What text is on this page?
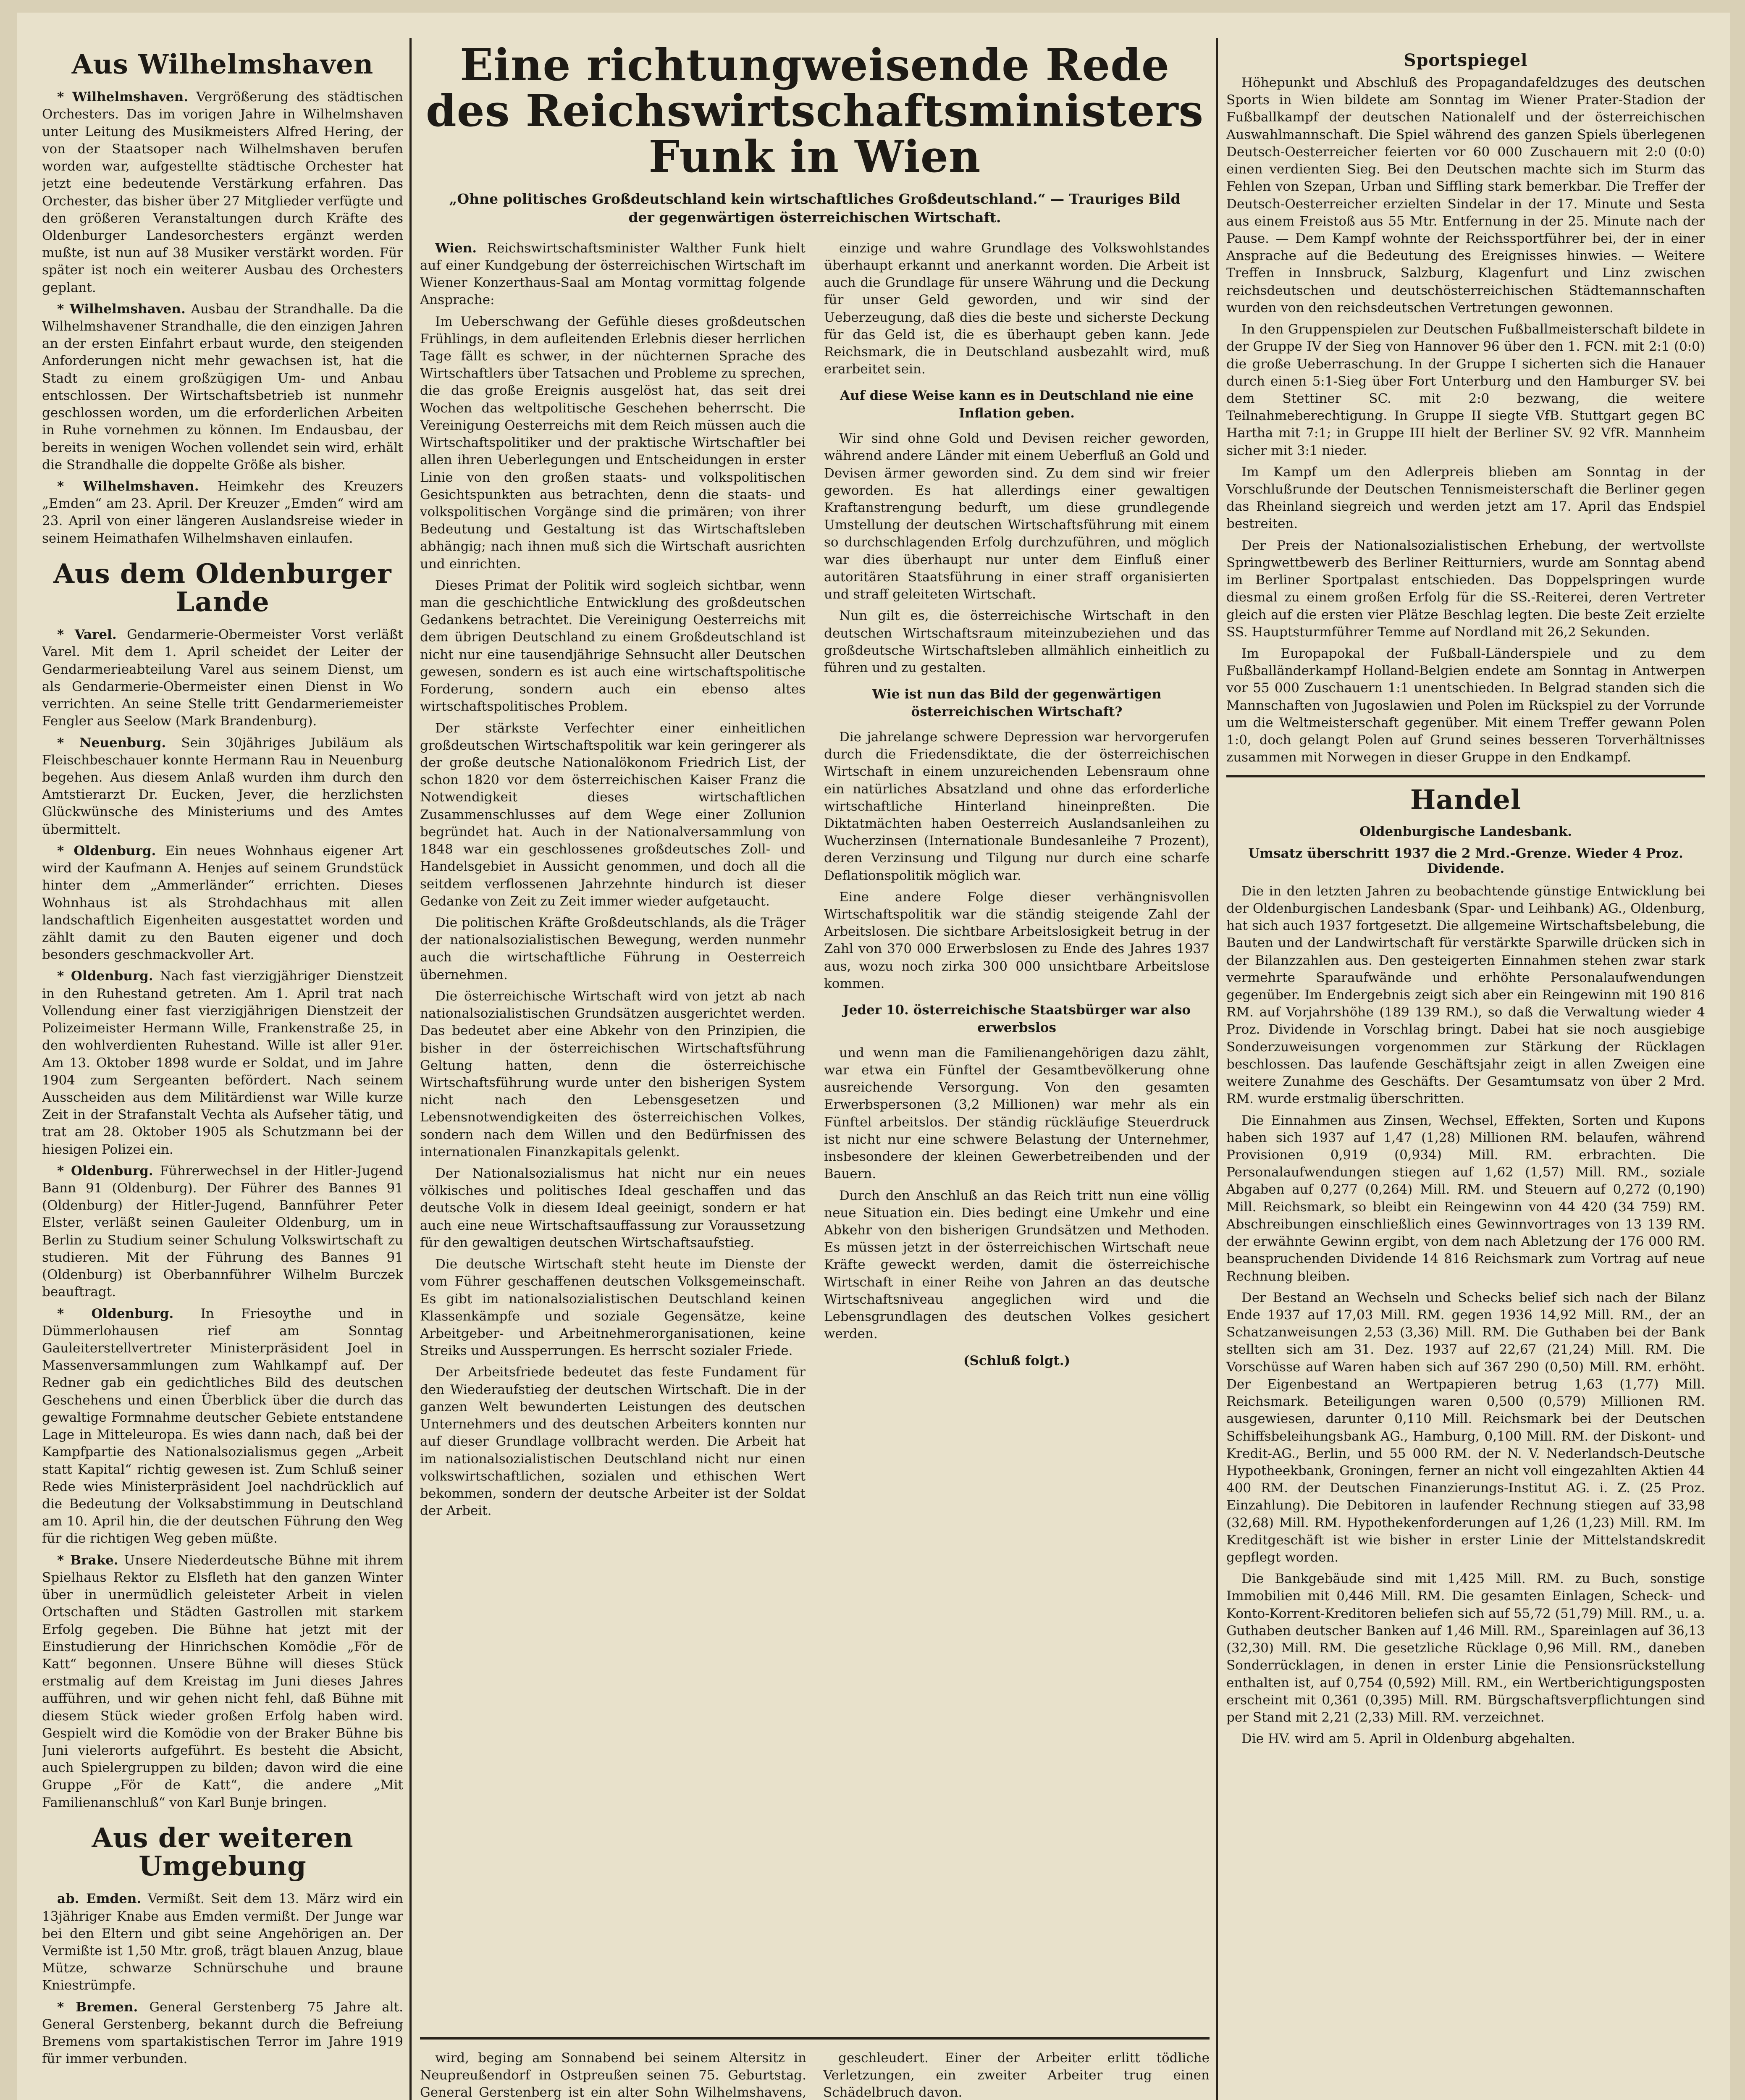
Aus Wilhelmshaven

* Wilhelmshaven. Vergrößerung des städtischen Orchesters. Das im vorigen Jahre in Wilhelmshaven unter Leitung des Musikmeisters Alfred Hering, der von der Staatsoper nach Wilhelmshaven berufen worden war, aufgestellte städtische Orchester hat jetzt eine bedeutende Verstärkung erfahren. Das Orchester, das bisher über 27 Mitglieder verfügte und den größeren Veranstaltungen durch Kräfte des Oldenburger Landesorchesters ergänzt werden mußte, ist nun auf 38 Musiker verstärkt worden. Für später ist noch ein weiterer Ausbau des Orchesters geplant.

* Wilhelmshaven. Ausbau der Strandhalle. Da die Wilhelmshavener Strandhalle, die den einzigen Jahren an der ersten Einfahrt erbaut wurde, den steigenden Anforderungen nicht mehr gewachsen ist, hat die Stadt zu einem großzügigen Um- und Anbau entschlossen. Der Wirtschaftsbetrieb ist nunmehr geschlossen worden, um die erforderlichen Arbeiten in Ruhe vornehmen zu können. Im Endausbau, der bereits in wenigen Wochen vollendet sein wird, erhält die Strandhalle die doppelte Größe als bisher.

* Wilhelmshaven. Heimkehr des Kreuzers „Emden“ am 23. April. Der Kreuzer „Emden“ wird am 23. April von einer längeren Auslandsreise wieder in seinem Heimathafen Wilhelmshaven einlaufen.

Aus dem Oldenburger Lande

* Varel. Gendarmerie-Obermeister Vorst verläßt Varel. Mit dem 1. April scheidet der Leiter der Gendarmerieabteilung Varel aus seinem Dienst, um als Gendarmerie-Obermeister einen Dienst in Wo verrichten. An seine Stelle tritt Gendarmeriemeister Fengler aus Seelow (Mark Brandenburg).

* Neuenburg. Sein 30jähriges Jubiläum als Fleischbeschauer konnte Hermann Rau in Neuenburg begehen. Aus diesem Anlaß wurden ihm durch den Amtstierarzt Dr. Eucken, Jever, die herzlichsten Glückwünsche des Ministeriums und des Amtes übermittelt.

* Oldenburg. Ein neues Wohnhaus eigener Art wird der Kaufmann A. Henjes auf seinem Grundstück hinter dem „Ammerländer“ errichten. Dieses Wohnhaus ist als Strohdachhaus mit allen landschaftlich Eigenheiten ausgestattet worden und zählt damit zu den Bauten eigener und doch besonders geschmackvoller Art.

* Oldenburg. Nach fast vierzigjähriger Dienstzeit in den Ruhestand getreten. Am 1. April trat nach Vollendung einer fast vierzigjährigen Dienstzeit der Polizeimeister Hermann Wille, Frankenstraße 25, in den wohlverdienten Ruhestand. Wille ist aller 91er. Am 13. Oktober 1898 wurde er Soldat, und im Jahre 1904 zum Sergeanten befördert. Nach seinem Ausscheiden aus dem Militärdienst war Wille kurze Zeit in der Strafanstalt Vechta als Aufseher tätig, und trat am 28. Oktober 1905 als Schutzmann bei der hiesigen Polizei ein.

* Oldenburg. Führerwechsel in der Hitler-Jugend Bann 91 (Oldenburg). Der Führer des Bannes 91 (Oldenburg) der Hitler-Jugend, Bannführer Peter Elster, verläßt seinen Gauleiter Oldenburg, um in Berlin zu Studium seiner Schulung Volkswirtschaft zu studieren. Mit der Führung des Bannes 91 (Oldenburg) ist Oberbannführer Wilhelm Burczek beauftragt.

* Oldenburg. In Friesoythe und in Dümmerlohausen rief am Sonntag Gauleiterstellvertreter Ministerpräsident Joel in Massenversammlungen zum Wahlkampf auf. Der Redner gab ein gedichtliches Bild des deutschen Geschehens und einen Überblick über die durch das gewaltige Formnahme deutscher Gebiete entstandene Lage in Mitteleuropa. Es wies dann nach, daß bei der Kampfpartie des Nationalsozialismus gegen „Arbeit statt Kapital“ richtig gewesen ist. Zum Schluß seiner Rede wies Ministerpräsident Joel nachdrücklich auf die Bedeutung der Volksabstimmung in Deutschland am 10. April hin, die der deutschen Führung den Weg für die richtigen Weg geben müßte.

* Brake. Unsere Niederdeutsche Bühne mit ihrem Spielhaus Rektor zu Elsfleth hat den ganzen Winter über in unermüdlich geleisteter Arbeit in vielen Ortschaften und Städten Gastrollen mit starkem Erfolg gegeben. Die Bühne hat jetzt mit der Einstudierung der Hinrichschen Komödie „För de Katt“ begonnen. Unsere Bühne will dieses Stück erstmalig auf dem Kreistag im Juni dieses Jahres aufführen, und wir gehen nicht fehl, daß Bühne mit diesem Stück wieder großen Erfolg haben wird. Gespielt wird die Komödie von der Braker Bühne bis Juni vielerorts aufgeführt. Es besteht die Absicht, auch Spielergruppen zu bilden; davon wird die eine Gruppe „För de Katt“, die andere „Mit Familienanschluß“ von Karl Bunje bringen.

Aus der weiteren Umgebung

ab. Emden. Vermißt. Seit dem 13. März wird ein 13jähriger Knabe aus Emden vermißt. Der Junge war bei den Eltern und gibt seine Angehörigen an. Der Vermißte ist 1,50 Mtr. groß, trägt blauen Anzug, blaue Mütze, schwarze Schnürschuhe und braune Kniestrümpfe.

* Bremen. General Gerstenberg 75 Jahre alt. General Gerstenberg, bekannt durch die Befreiung Bremens vom spartakistischen Terror im Jahre 1919 für immer verbunden.

Eine richtungweisende Rede des Reichswirtschaftsministers Funk in Wien
„Ohne politisches Großdeutschland kein wirtschaftliches Großdeutschland.“ — Trauriges Bild der gegenwärtigen österreichischen Wirtschaft.

Wien. Reichswirtschaftsminister Walther Funk hielt auf einer Kundgebung der österreichischen Wirtschaft im Wiener Konzerthaus-Saal am Montag vormittag folgende Ansprache:

Im Ueberschwang der Gefühle dieses großdeutschen Frühlings, in dem aufleitenden Erlebnis dieser herrlichen Tage fällt es schwer, in der nüchternen Sprache des Wirtschaftlers über Tatsachen und Probleme zu sprechen, die das große Ereignis ausgelöst hat, das seit drei Wochen das weltpolitische Geschehen beherrscht. Die Vereinigung Oesterreichs mit dem Reich müssen auch die Wirtschaftspolitiker und der praktische Wirtschaftler bei allen ihren Ueberlegungen und Entscheidungen in erster Linie von den großen staats- und volkspolitischen Gesichtspunkten aus betrachten, denn die staats- und volkspolitischen Vorgänge sind die primären; von ihrer Bedeutung und Gestaltung ist das Wirtschaftsleben abhängig; nach ihnen muß sich die Wirtschaft ausrichten und einrichten.

Dieses Primat der Politik wird sogleich sichtbar, wenn man die geschichtliche Entwicklung des großdeutschen Gedankens betrachtet. Die Vereinigung Oesterreichs mit dem übrigen Deutschland zu einem Großdeutschland ist nicht nur eine tausendjährige Sehnsucht aller Deutschen gewesen, sondern es ist auch eine wirtschaftspolitische Forderung, sondern auch ein ebenso altes wirtschaftspolitisches Problem.

Der stärkste Verfechter einer einheitlichen großdeutschen Wirtschaftspolitik war kein geringerer als der große deutsche Nationalökonom Friedrich List, der schon 1820 vor dem österreichischen Kaiser Franz die Notwendigkeit dieses wirtschaftlichen Zusammenschlusses auf dem Wege einer Zollunion begründet hat. Auch in der Nationalversammlung von 1848 war ein geschlossenes großdeutsches Zoll- und Handelsgebiet in Aussicht genommen, und doch all die seitdem verflossenen Jahrzehnte hindurch ist dieser Gedanke von Zeit zu Zeit immer wieder aufgetaucht.

Die politischen Kräfte Großdeutschlands, als die Träger der nationalsozialistischen Bewegung, werden nunmehr auch die wirtschaftliche Führung in Oesterreich übernehmen.

Die österreichische Wirtschaft wird von jetzt ab nach nationalsozialistischen Grundsätzen ausgerichtet werden. Das bedeutet aber eine Abkehr von den Prinzipien, die bisher in der österreichischen Wirtschaftsführung Geltung hatten, denn die österreichische Wirtschaftsführung wurde unter den bisherigen System nicht nach den Lebensgesetzen und Lebensnotwendigkeiten des österreichischen Volkes, sondern nach dem Willen und den Bedürfnissen des internationalen Finanzkapitals gelenkt.

Der Nationalsozialismus hat nicht nur ein neues völkisches und politisches Ideal geschaffen und das deutsche Volk in diesem Ideal geeinigt, sondern er hat auch eine neue Wirtschaftsauffassung zur Voraussetzung für den gewaltigen deutschen Wirtschaftsaufstieg.

Die deutsche Wirtschaft steht heute im Dienste der vom Führer geschaffenen deutschen Volksgemeinschaft. Es gibt im nationalsozialistischen Deutschland keinen Klassenkämpfe und soziale Gegensätze, keine Arbeitgeber- und Arbeitnehmerorganisationen, keine Streiks und Aussperrungen. Es herrscht sozialer Friede.

Der Arbeitsfriede bedeutet das feste Fundament für den Wiederaufstieg der deutschen Wirtschaft. Die in der ganzen Welt bewunderten Leistungen des deutschen Unternehmers und des deutschen Arbeiters konnten nur auf dieser Grundlage vollbracht werden. Die Arbeit hat im nationalsozialistischen Deutschland nicht nur einen volkswirtschaftlichen, sozialen und ethischen Wert bekommen, sondern der deutsche Arbeiter ist der Soldat der Arbeit.

einzige und wahre Grundlage des Volkswohlstandes überhaupt erkannt und anerkannt worden. Die Arbeit ist auch die Grundlage für unsere Währung und die Deckung für unser Geld geworden, und wir sind der Ueberzeugung, daß dies die beste und sicherste Deckung für das Geld ist, die es überhaupt geben kann. Jede Reichsmark, die in Deutschland ausbezahlt wird, muß erarbeitet sein.

Auf diese Weise kann es in Deutschland nie eine Inflation geben.

Wir sind ohne Gold und Devisen reicher geworden, während andere Länder mit einem Ueberfluß an Gold und Devisen ärmer geworden sind. Zu dem sind wir freier geworden. Es hat allerdings einer gewaltigen Kraftanstrengung bedurft, um diese grundlegende Umstellung der deutschen Wirtschaftsführung mit einem so durchschlagenden Erfolg durchzuführen, und möglich war dies überhaupt nur unter dem Einfluß einer autoritären Staatsführung in einer straff organisierten und straff geleiteten Wirtschaft.

Nun gilt es, die österreichische Wirtschaft in den deutschen Wirtschaftsraum miteinzubeziehen und das großdeutsche Wirtschaftsleben allmählich einheitlich zu führen und zu gestalten.

Wie ist nun das Bild der gegenwärtigen österreichischen Wirtschaft?

Die jahrelange schwere Depression war hervorgerufen durch die Friedensdiktate, die der österreichischen Wirtschaft in einem unzureichenden Lebensraum ohne ein natürliches Absatzland und ohne das erforderliche wirtschaftliche Hinterland hineinpreßten. Die Diktatmächten haben Oesterreich Auslandsanleihen zu Wucherzinsen (Internationale Bundesanleihe 7 Prozent), deren Verzinsung und Tilgung nur durch eine scharfe Deflationspolitik möglich war.

Eine andere Folge dieser verhängnisvollen Wirtschaftspolitik war die ständig steigende Zahl der Arbeitslosen. Die sichtbare Arbeitslosigkeit betrug in der Zahl von 370 000 Erwerbslosen zu Ende des Jahres 1937 aus, wozu noch zirka 300 000 unsichtbare Arbeitslose kommen.

Jeder 10. österreichische Staatsbürger war also erwerbslos

und wenn man die Familienangehörigen dazu zählt, war etwa ein Fünftel der Gesamtbevölkerung ohne ausreichende Versorgung. Von den gesamten Erwerbspersonen (3,2 Millionen) war mehr als ein Fünftel arbeitslos. Der ständig rückläufige Steuerdruck ist nicht nur eine schwere Belastung der Unternehmer, insbesondere der kleinen Gewerbetreibenden und der Bauern.

Durch den Anschluß an das Reich tritt nun eine völlig neue Situation ein. Dies bedingt eine Umkehr und eine Abkehr von den bisherigen Grundsätzen und Methoden. Es müssen jetzt in der österreichischen Wirtschaft neue Kräfte geweckt werden, damit die österreichische Wirtschaft in einer Reihe von Jahren an das deutsche Wirtschaftsniveau angeglichen wird und die Lebensgrundlagen des deutschen Volkes gesichert werden.

(Schluß folgt.)

wird, beging am Sonnabend bei seinem Altersitz in Neupreußendorf in Ostpreußen seinen 75. Geburtstag. General Gerstenberg ist ein alter Sohn Wilhelmshavens,

geschleudert. Einer der Arbeiter erlitt tödliche Verletzungen, ein zweiter Arbeiter trug einen Schädelbruch davon.

Sportspiegel

Höhepunkt und Abschluß des Propagandafeldzuges des deutschen Sports in Wien bildete am Sonntag im Wiener Prater-Stadion der Fußballkampf der deutschen Nationalelf und der österreichischen Auswahlmannschaft. Die Spiel während des ganzen Spiels überlegenen Deutsch-Oesterreicher feierten vor 60 000 Zuschauern mit 2:0 (0:0) einen verdienten Sieg. Bei den Deutschen machte sich im Sturm das Fehlen von Szepan, Urban und Siffling stark bemerkbar. Die Treffer der Deutsch-Oesterreicher erzielten Sindelar in der 17. Minute und Sesta aus einem Freistoß aus 55 Mtr. Entfernung in der 25. Minute nach der Pause. — Dem Kampf wohnte der Reichssportführer bei, der in einer Ansprache auf die Bedeutung des Ereignisses hinwies. — Weitere Treffen in Innsbruck, Salzburg, Klagenfurt und Linz zwischen reichsdeutschen und deutschösterreichischen Städtemannschaften wurden von den reichsdeutschen Vertretungen gewonnen.

In den Gruppenspielen zur Deutschen Fußballmeisterschaft bildete in der Gruppe IV der Sieg von Hannover 96 über den 1. FCN. mit 2:1 (0:0) die große Ueberraschung. In der Gruppe I sicherten sich die Hanauer durch einen 5:1-Sieg über Fort Unterburg und den Hamburger SV. bei dem Stettiner SC. mit 2:0 bezwang, die weitere Teilnahmeberechtigung. In Gruppe II siegte VfB. Stuttgart gegen BC Hartha mit 7:1; in Gruppe III hielt der Berliner SV. 92 VfR. Mannheim sicher mit 3:1 nieder.

Im Kampf um den Adlerpreis blieben am Sonntag in der Vorschlußrunde der Deutschen Tennismeisterschaft die Berliner gegen das Rheinland siegreich und werden jetzt am 17. April das Endspiel bestreiten.

Der Preis der Nationalsozialistischen Erhebung, der wertvollste Springwettbewerb des Berliner Reitturniers, wurde am Sonntag abend im Berliner Sportpalast entschieden. Das Doppelspringen wurde diesmal zu einem großen Erfolg für die SS.-Reiterei, deren Vertreter gleich auf die ersten vier Plätze Beschlag legten. Die beste Zeit erzielte SS. Hauptsturmführer Temme auf Nordland mit 26,2 Sekunden.

Im Europapokal der Fußball-Länderspiele und zu dem Fußballänderkampf Holland-Belgien endete am Sonntag in Antwerpen vor 55 000 Zuschauern 1:1 unentschieden. In Belgrad standen sich die Mannschaften von Jugoslawien und Polen im Rückspiel zu der Vorrunde um die Weltmeisterschaft gegenüber. Mit einem Treffer gewann Polen 1:0, doch gelangt Polen auf Grund seines besseren Torverhältnisses zusammen mit Norwegen in dieser Gruppe in den Endkampf.

Handel
Oldenburgische Landesbank.
Umsatz überschritt 1937 die 2 Mrd.-Grenze. Wieder 4 Proz. Dividende.

Die in den letzten Jahren zu beobachtende günstige Entwicklung bei der Oldenburgischen Landesbank (Spar- und Leihbank) AG., Oldenburg, hat sich auch 1937 fortgesetzt. Die allgemeine Wirtschaftsbelebung, die Bauten und der Landwirtschaft für verstärkte Sparwille drücken sich in der Bilanzzahlen aus. Den gesteigerten Einnahmen stehen zwar stark vermehrte Sparaufwände und erhöhte Personalaufwendungen gegenüber. Im Endergebnis zeigt sich aber ein Reingewinn mit 190 816 RM. auf Vorjahrshöhe (189 139 RM.), so daß die Verwaltung wieder 4 Proz. Dividende in Vorschlag bringt. Dabei hat sie noch ausgiebige Sonderzuweisungen vorgenommen zur Stärkung der Rücklagen beschlossen. Das laufende Geschäftsjahr zeigt in allen Zweigen eine weitere Zunahme des Geschäfts. Der Gesamtumsatz von über 2 Mrd. RM. wurde erstmalig überschritten.

Die Einnahmen aus Zinsen, Wechsel, Effekten, Sorten und Kupons haben sich 1937 auf 1,47 (1,28) Millionen RM. belaufen, während Provisionen 0,919 (0,934) Mill. RM. erbrachten. Die Personalaufwendungen stiegen auf 1,62 (1,57) Mill. RM., soziale Abgaben auf 0,277 (0,264) Mill. RM. und Steuern auf 0,272 (0,190) Mill. Reichsmark, so bleibt ein Reingewinn von 44 420 (34 759) RM. Abschreibungen einschließlich eines Gewinnvortrages von 13 139 RM. der erwähnte Gewinn ergibt, von dem nach Abletzung der 176 000 RM. beanspruchenden Dividende 14 816 Reichsmark zum Vortrag auf neue Rechnung bleiben.

Der Bestand an Wechseln und Schecks belief sich nach der Bilanz Ende 1937 auf 17,03 Mill. RM. gegen 1936 14,92 Mill. RM., der an Schatzanweisungen 2,53 (3,36) Mill. RM. Die Guthaben bei der Bank stellten sich am 31. Dez. 1937 auf 22,67 (21,24) Mill. RM. Die Vorschüsse auf Waren haben sich auf 367 290 (0,50) Mill. RM. erhöht. Der Eigenbestand an Wertpapieren betrug 1,63 (1,77) Mill. Reichsmark. Beteiligungen waren 0,500 (0,579) Millionen RM. ausgewiesen, darunter 0,110 Mill. Reichsmark bei der Deutschen Schiffsbeleihungsbank AG., Hamburg, 0,100 Mill. RM. der Diskont- und Kredit-AG., Berlin, und 55 000 RM. der N. V. Nederlandsch-Deutsche Hypotheekbank, Groningen, ferner an nicht voll eingezahlten Aktien 44 400 RM. der Deutschen Finanzierungs-Institut AG. i. Z. (25 Proz. Einzahlung). Die Debitoren in laufender Rechnung stiegen auf 33,98 (32,68) Mill. RM. Hypothekenforderungen auf 1,26 (1,23) Mill. RM. Im Kreditgeschäft ist wie bisher in erster Linie der Mittelstandskredit gepflegt worden.

Die Bankgebäude sind mit 1,425 Mill. RM. zu Buch, sonstige Immobilien mit 0,446 Mill. RM. Die gesamten Einlagen, Scheck- und Konto-Korrent-Kreditoren beliefen sich auf 55,72 (51,79) Mill. RM., u. a. Guthaben deutscher Banken auf 1,46 Mill. RM., Spareinlagen auf 36,13 (32,30) Mill. RM. Die gesetzliche Rücklage 0,96 Mill. RM., daneben Sonderrücklagen, in denen in erster Linie die Pensionsrückstellung enthalten ist, auf 0,754 (0,592) Mill. RM., ein Wertberichtigungsposten erscheint mit 0,361 (0,395) Mill. RM. Bürgschaftsverpflichtungen sind per Stand mit 2,21 (2,33) Mill. RM. verzeichnet.

Die HV. wird am 5. April in Oldenburg abgehalten.
